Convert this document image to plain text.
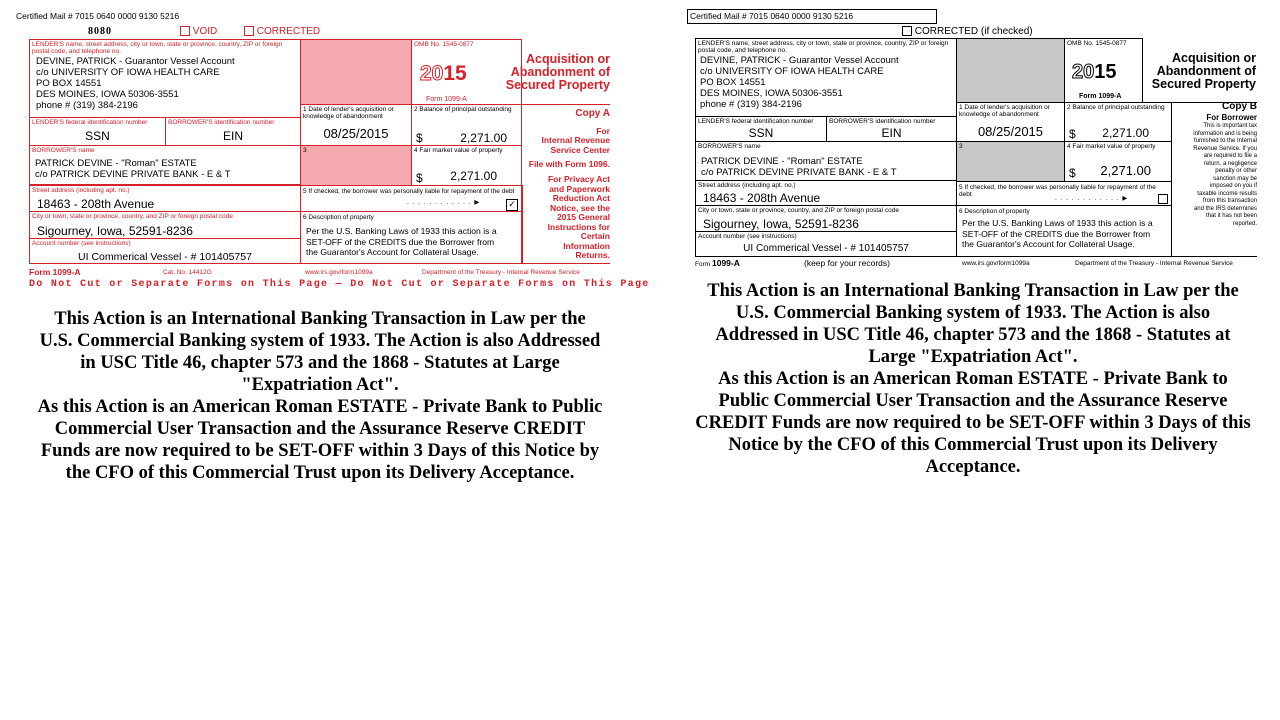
Certified Mail # 7015 0640 0000 9130 5216
8080	VOID	CORRECTED
LENDER'S name, street address, city or town, state or province, country, ZIP or foreign postal code, and telephone no.
DEVINE, PATRICK - Guarantor Vessel Account
c/o UNIVERSITY OF IOWA HEALTH CARE
PO BOX 14551
DES MOINES, IOWA 50306-3551
phone # (319) 384-2196
OMB No. 1545-0877
2015
Form 1099-A
Acquisition or Abandonment of Secured Property
LENDER'S federal identification number
SSN
BORROWER'S identification number
EIN
1 Date of lender's acquisition or knowledge of abandonment
08/25/2015
2 Balance of principal outstanding
$	2,271.00
Copy A
For
Internal Revenue
Service Center
File with Form 1096.
BORROWER'S name
PATRICK DEVINE - "Roman" ESTATE
c/o PATRICK DEVINE PRIVATE BANK - E & T
3	4 Fair market value of property
$ 2,271.00
Street address (including apt. no.)
18463 - 208th Avenue
5 If checked, the borrower was personally liable for repayment of the debt
. . . . . . . . . . . . ▶	✓
City or town, state or province, country, and ZIP or foreign postal code
Sigourney, Iowa, 52591-8236
6 Description of property
Per the U.S. Banking Laws of 1933 this action is a
SET-OFF of the CREDITS due the Borrower from
the Guarantor's Account for Collateral Usage.
Account number (see instructions)
UI Commerical Vessel - # 101405757
For Privacy Act
and Paperwork
Reduction Act
Notice, see the
2015 General
Instructions for
Certain
Information
Returns.
Form 1099-A	Cat. No. 14412G	www.irs.gov/form1099a	Department of the Treasury - Internal Revenue Service
Do Not Cut or Separate Forms on This Page — Do Not Cut or Separate Forms on This Page
This Action is an International Banking Transaction in Law per the U.S. Commercial Banking system of 1933. The Action is also Addressed in USC Title 46, chapter 573 and the 1868 - Statutes at Large "Expatriation Act".
As this Action is an American Roman ESTATE - Private Bank to Public Commercial User Transaction and the Assurance Reserve CREDIT Funds are now required to be SET-OFF within 3 Days of this Notice by the CFO of this Commercial Trust upon its Delivery Acceptance.
Certified Mail # 7015 0640 0000 9130 5216
CORRECTED (if checked)
LENDER'S name, street address, city or town, state or province, country, ZIP or foreign postal code, and telephone no.
DEVINE, PATRICK - Guarantor Vessel Account
c/o UNIVERSITY OF IOWA HEALTH CARE
PO BOX 14551
DES MOINES, IOWA 50306-3551
phone # (319) 384-2196
OMB No. 1545-0877
2015
Form 1099-A
Acquisition or Abandonment of Secured Property
LENDER'S federal identification number
SSN
BORROWER'S identification number
EIN
1 Date of lender's acquisition or knowledge of abandonment
08/25/2015
2 Balance of principal outstanding
$ 2,271.00
Copy B
For Borrower
This is important tax
information and is being
furnished to the Internal
Revenue Service. If you
are required to file a
return, a negligence
penalty or other
sanction may be
imposed on you if
taxable income results
from this transaction
and the IRS determines
that it has not been
reported.
BORROWER'S name
PATRICK DEVINE - "Roman" ESTATE
c/o PATRICK DEVINE PRIVATE BANK - E & T
3	4 Fair market value of property
$ 2,271.00
Street address (including apt. no.)
18463 - 208th Avenue
5 If checked, the borrower was personally liable for repayment of the debt
. . . . . . . . . . . . ▶
City or town, state or province, country, and ZIP or foreign postal code
Sigourney, Iowa, 52591-8236
6 Description of property
Per the U.S. Banking Laws of 1933 this action is a
SET-OFF of the CREDITS due the Borrower from
the Guarantor's Account for Collateral Usage.
Account number (see instructions)
UI Commerical Vessel - # 101405757
Form 1099-A	(keep for your records)	www.irs.gov/form1099a	Department of the Treasury - Internal Revenue Service
This Action is an International Banking Transaction in Law per the U.S. Commercial Banking system of 1933. The Action is also Addressed in USC Title 46, chapter 573 and the 1868 - Statutes at Large "Expatriation Act".
As this Action is an American Roman ESTATE - Private Bank to Public Commercial User Transaction and the Assurance Reserve CREDIT Funds are now required to be SET-OFF within 3 Days of this Notice by the CFO of this Commercial Trust upon its Delivery Acceptance.
